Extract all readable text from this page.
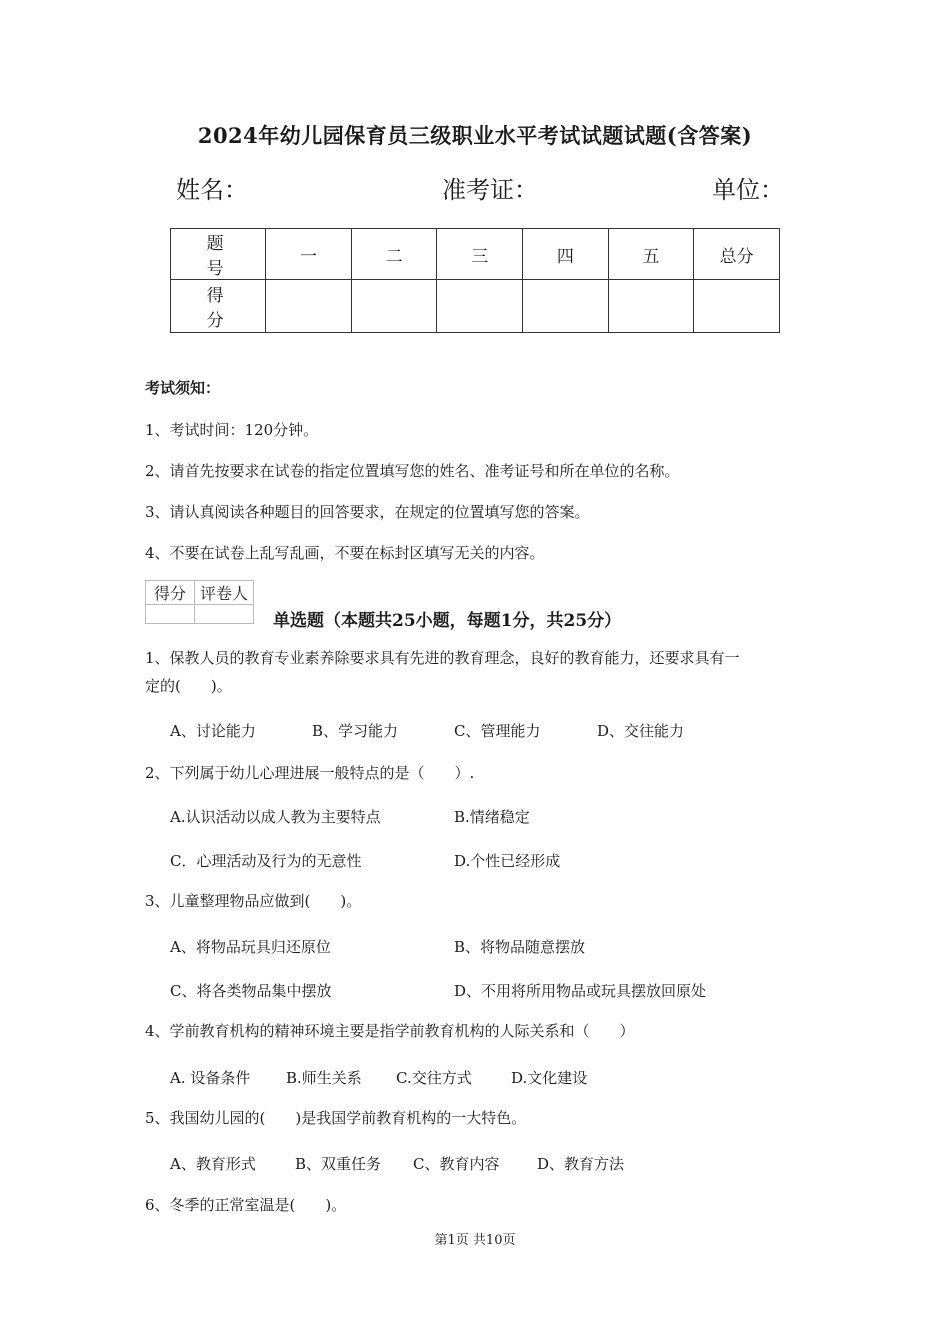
2024年幼儿园保育员三级职业水平考试试题试题(含答案)
姓名：	准考证：	单位：
题　号	一	二	三	四	五	总分
得　分						
考试须知：
1、考试时间：120分钟。
2、请首先按要求在试卷的指定位置填写您的姓名、准考证号和所在单位的名称。
3、请认真阅读各种题目的回答要求，在规定的位置填写您的答案。
4、不要在试卷上乱写乱画，不要在标封区填写无关的内容。
得分	评卷人

单选题（本题共25小题，每题1分，共25分）
1、保教人员的教育专业素养除要求具有先进的教育理念，良好的教育能力，还要求具有一
定的(　　)。
A、讨论能力	B、学习能力	C、管理能力	D、交往能力
2、下列属于幼儿心理进展一般特点的是（　　）.
A.认识活动以成人教为主要特点	B.情绪稳定
C．心理活动及行为的无意性	D.个性已经形成
3、儿童整理物品应做到(　　)。
A、将物品玩具归还原位	B、将物品随意摆放
C、将各类物品集中摆放	D、不用将所用物品或玩具摆放回原处
4、学前教育机构的精神环境主要是指学前教育机构的人际关系和（　　）
A. 设备条件 B.师生关系 C.交往方式	D.文化建设
5、我国幼儿园的(　　)是我国学前教育机构的一大特色。
A、教育形式	B、双重任务 C、教育内容	D、教育方法
6、冬季的正常室温是(　　)。
第1页 共10页
